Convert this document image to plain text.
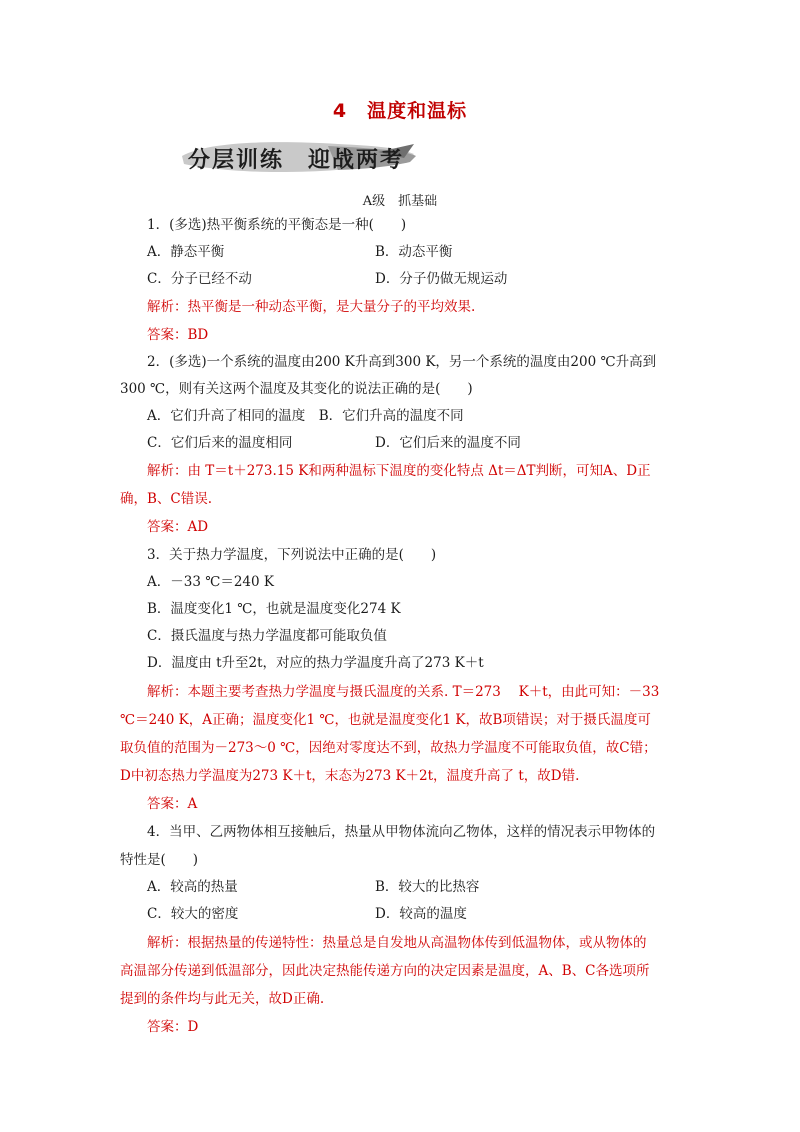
4　温度和温标
分层训练　迎战两考
A级　抓基础
1．(多选)热平衡系统的平衡态是一种(　　)
A．静态平衡	B．动态平衡
C．分子已经不动	D．分子仍做无规运动
解析：热平衡是一种动态平衡，是大量分子的平均效果.
答案：BD
2．(多选)一个系统的温度由200 K升高到300 K，另一个系统的温度由200 ℃升高到
300 ℃，则有关这两个温度及其变化的说法正确的是(　　)
A．它们升高了相同的温度　B．它们升高的温度不同
C．它们后来的温度相同	D．它们后来的温度不同
解析：由 T＝t＋273.15 K和两种温标下温度的变化特点 Δt＝ΔT判断，可知A、D正
确，B、C错误.
答案：AD
3．关于热力学温度，下列说法中正确的是(　　)
A．－33 ℃＝240 K
B．温度变化1 ℃，也就是温度变化274 K
C．摄氏温度与热力学温度都可能取负值
D．温度由 t升至2t，对应的热力学温度升高了273 K＋t
解析：本题主要考查热力学温度与摄氏温度的关系. T＝273　 K＋t，由此可知：－33
℃＝240 K，A正确；温度变化1 ℃，也就是温度变化1 K，故B项错误；对于摄氏温度可
取负值的范围为－273～0 ℃，因绝对零度达不到，故热力学温度不可能取负值，故C错；
D中初态热力学温度为273 K＋t，末态为273 K＋2t，温度升高了 t，故D错.
答案：A
4．当甲、乙两物体相互接触后，热量从甲物体流向乙物体，这样的情况表示甲物体的
特性是(　　)
A．较高的热量	B．较大的比热容
C．较大的密度	D．较高的温度
解析：根据热量的传递特性：热量总是自发地从高温物体传到低温物体，或从物体的
高温部分传递到低温部分，因此决定热能传递方向的决定因素是温度，A、B、C各选项所
提到的条件均与此无关，故D正确.
答案：D
